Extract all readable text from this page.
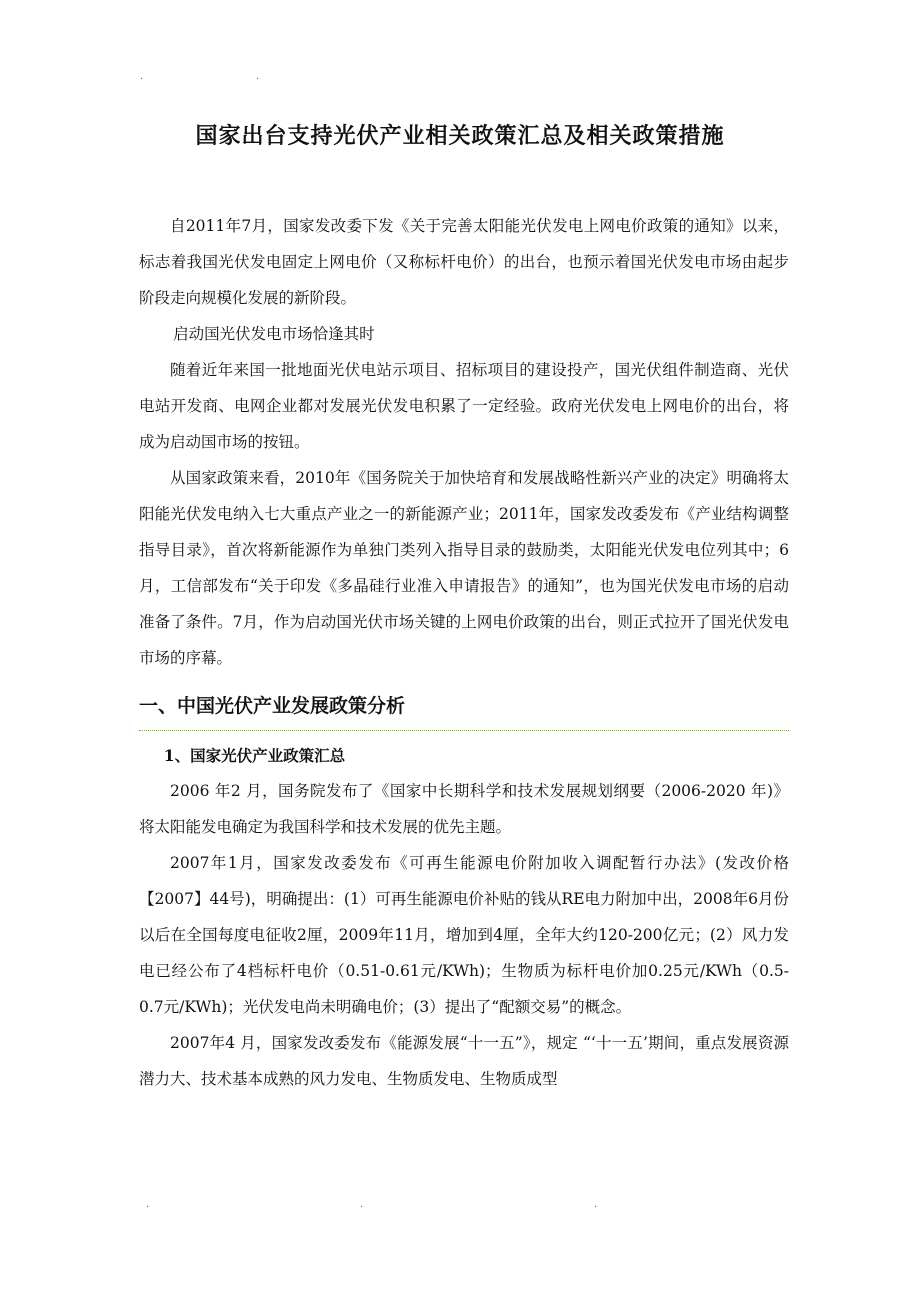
.	.
国家出台支持光伏产业相关政策汇总及相关政策措施

自2011年7月，国家发改委下发《关于完善太阳能光伏发电上网电价政策的通知》以来，标志着我国光伏发电固定上网电价（又称标杆电价）的出台，也预示着国光伏发电市场由起步阶段走向规模化发展的新阶段。

启动国光伏发电市场恰逢其时

随着近年来国一批地面光伏电站示项目、招标项目的建设投产，国光伏组件制造商、光伏电站开发商、电网企业都对发展光伏发电积累了一定经验。政府光伏发电上网电价的出台，将成为启动国市场的按钮。

从国家政策来看，2010年《国务院关于加快培育和发展战略性新兴产业的决定》明确将太阳能光伏发电纳入七大重点产业之一的新能源产业；2011年，国家发改委发布《产业结构调整指导目录》，首次将新能源作为单独门类列入指导目录的鼓励类，太阳能光伏发电位列其中；6月，工信部发布“关于印发《多晶硅行业准入申请报告》的通知”，也为国光伏发电市场的启动准备了条件。7月，作为启动国光伏市场关键的上网电价政策的出台，则正式拉开了国光伏发电市场的序幕。

一、中国光伏产业发展政策分析
1、国家光伏产业政策汇总

2006 年2 月，国务院发布了《国家中长期科学和技术发展规划纲要（2006-2020 年)》将太阳能发电确定为我国科学和技术发展的优先主题。

2007年1月，国家发改委发布《可再生能源电价附加收入调配暂行办法》(发改价格【2007】44号)，明确提出：(1）可再生能源电价补贴的钱从RE电力附加中出，2008年6月份以后在全国每度电征收2厘，2009年11月，增加到4厘，全年大约120-200亿元；(2）风力发电已经公布了4档标杆电价（0.51-0.61元/KWh)；生物质为标杆电价加0.25元/KWh（0.5-0.7元/KWh)；光伏发电尚未明确电价；(3）提出了“配额交易”的概念。

2007年4 月，国家发改委发布《能源发展“十一五”》，规定 “‘十一五’期间，重点发展资源潜力大、技术基本成熟的风力发电、生物质发电、生物质成型

.	.	.
